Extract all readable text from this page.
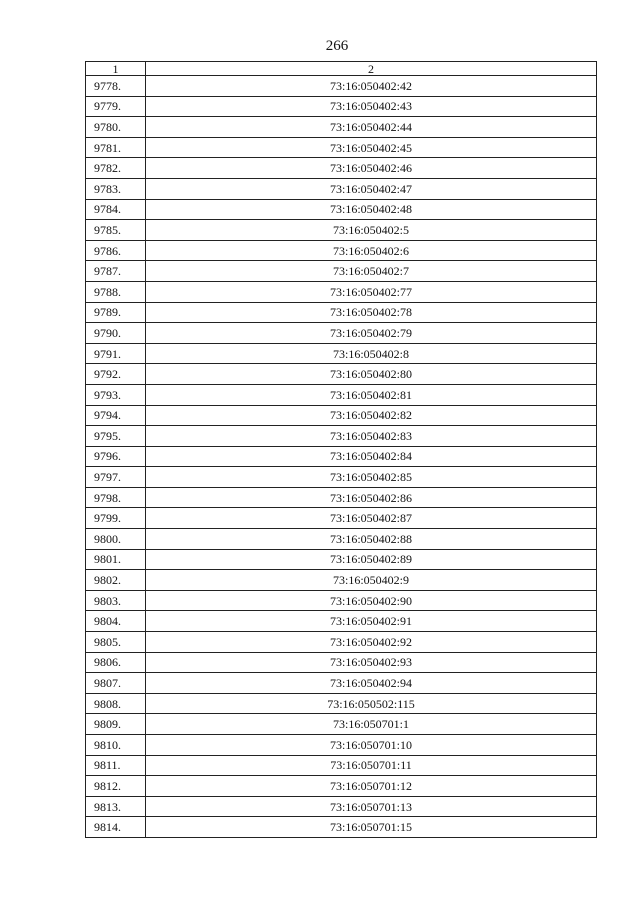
266
1	2
9778.	73:16:050402:42
9779.	73:16:050402:43
9780.	73:16:050402:44
9781.	73:16:050402:45
9782.	73:16:050402:46
9783.	73:16:050402:47
9784.	73:16:050402:48
9785.	73:16:050402:5
9786.	73:16:050402:6
9787.	73:16:050402:7
9788.	73:16:050402:77
9789.	73:16:050402:78
9790.	73:16:050402:79
9791.	73:16:050402:8
9792.	73:16:050402:80
9793.	73:16:050402:81
9794.	73:16:050402:82
9795.	73:16:050402:83
9796.	73:16:050402:84
9797.	73:16:050402:85
9798.	73:16:050402:86
9799.	73:16:050402:87
9800.	73:16:050402:88
9801.	73:16:050402:89
9802.	73:16:050402:9
9803.	73:16:050402:90
9804.	73:16:050402:91
9805.	73:16:050402:92
9806.	73:16:050402:93
9807.	73:16:050402:94
9808.	73:16:050502:115
9809.	73:16:050701:1
9810.	73:16:050701:10
9811.	73:16:050701:11
9812.	73:16:050701:12
9813.	73:16:050701:13
9814.	73:16:050701:15
